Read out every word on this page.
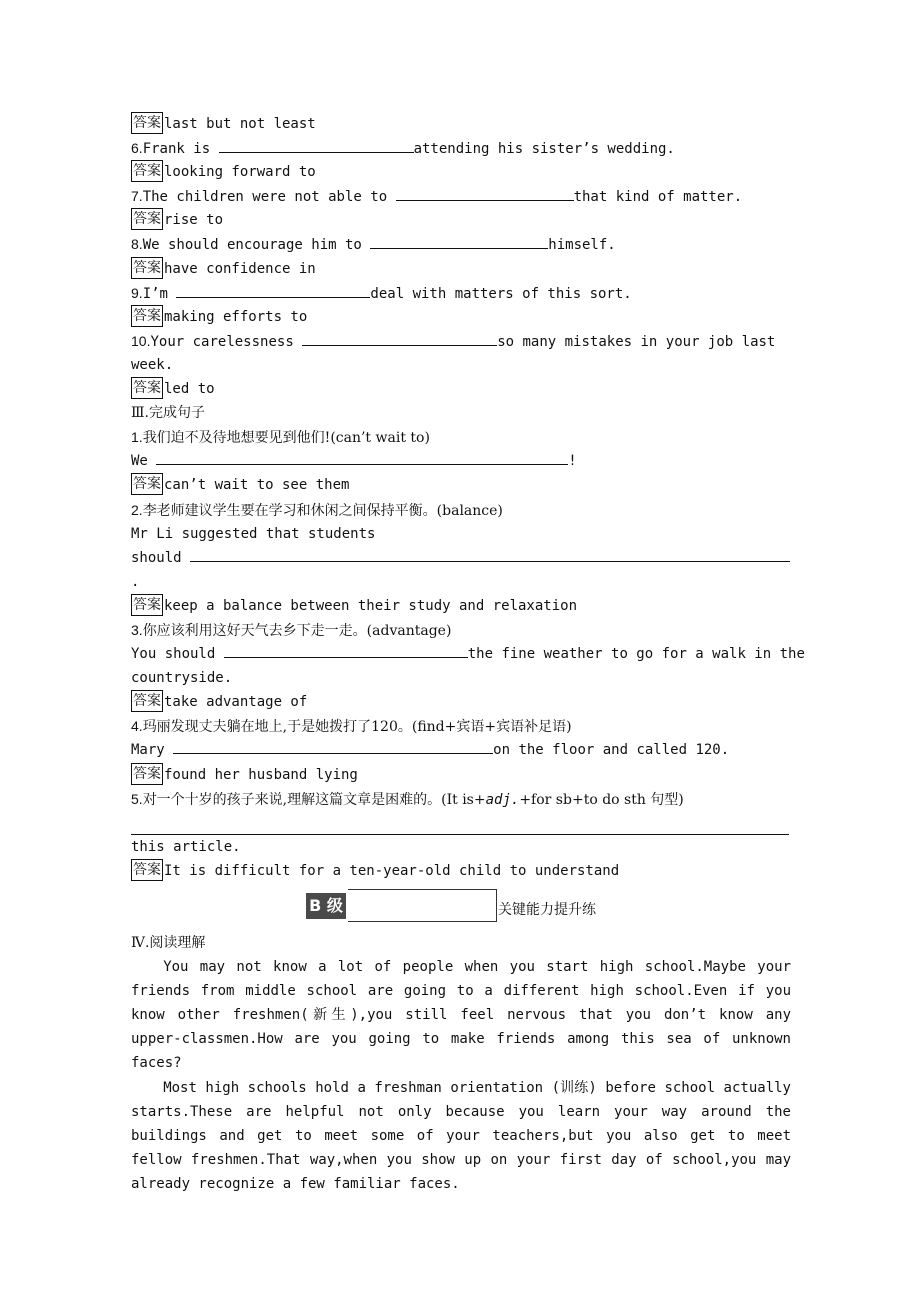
答案 last but not least
6.Frank is	attending his sister’s wedding.
答案 looking forward to
7.The children were not able to	that kind of matter.
答案 rise to
8.We should encourage him to	himself.
答案 have confidence in
9.I’m	deal with matters of this sort.
答案 making efforts to
10.Your carelessness	so many mistakes in your job last
week.
答案 led to
Ⅲ.完成句子
1.我们迫不及待地想要见到他们!(can’t wait to)
We	!
答案 can’t wait to see them
2.李老师建议学生要在学习和休闲之间保持平衡。(balance)
Mr Li suggested that students
should
.
答案 keep a balance between their study and relaxation
3.你应该利用这好天气去乡下走一走。(advantage)
You should	the fine weather to go for a walk in the
countryside.
答案 take advantage of
4.玛丽发现丈夫躺在地上,于是她拨打了120。(find+宾语+宾语补足语)
Mary	on the floor and called 120.
答案 found her husband lying
5.对一个十岁的孩子来说,理解这篇文章是困难的。(It is+adj.+for sb+to do sth 句型)
this article.
答案 It is difficult for a ten-year-old child to understand
B 级	关键能力提升练
Ⅳ.阅读理解
You may not know a lot of people when you start high school.Maybe your friends from middle school are going to a different high school.Even if you know other freshmen(新生),you still feel nervous that you don’t know any upper-classmen.How are you going to make friends among this sea of unknown faces?
Most high schools hold a freshman orientation (训练) before school actually starts.These are helpful not only because you learn your way around the buildings and get to meet some of your teachers,but you also get to meet fellow freshmen.That way,when you show up on your first day of school,you may already recognize a few familiar faces.
